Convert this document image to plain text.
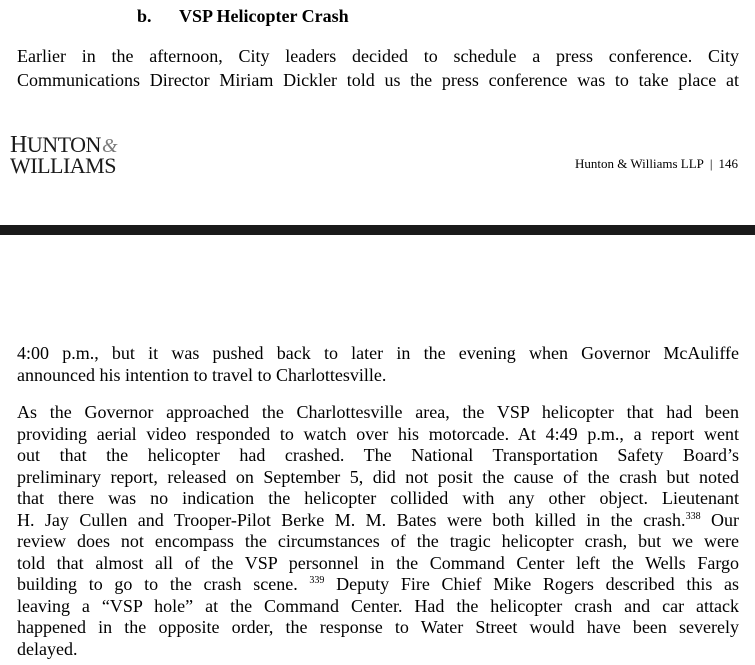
b. VSP Helicopter Crash
Earlier in the afternoon, City leaders decided to schedule a press conference. City
Communications Director Miriam Dickler told us the press conference was to take place at
HUNTON&
WILLIAMS	Hunton & Williams LLP | 146
4:00 p.m., but it was pushed back to later in the evening when Governor McAuliffe
announced his intention to travel to Charlottesville.
As the Governor approached the Charlottesville area, the VSP helicopter that had been
providing aerial video responded to watch over his motorcade. At 4:49 p.m., a report went
out that the helicopter had crashed. The National Transportation Safety Board’s
preliminary report, released on September 5, did not posit the cause of the crash but noted
that there was no indication the helicopter collided with any other object. Lieutenant
H. Jay Cullen and Trooper-Pilot Berke M. M. Bates were both killed in the crash.$^{338}$ Our
review does not encompass the circumstances of the tragic helicopter crash, but we were
told that almost all of the VSP personnel in the Command Center left the Wells Fargo
building to go to the crash scene. $^{339}$ Deputy Fire Chief Mike Rogers described this as
leaving a “VSP hole” at the Command Center. Had the helicopter crash and car attack
happened in the opposite order, the response to Water Street would have been severely
delayed.
